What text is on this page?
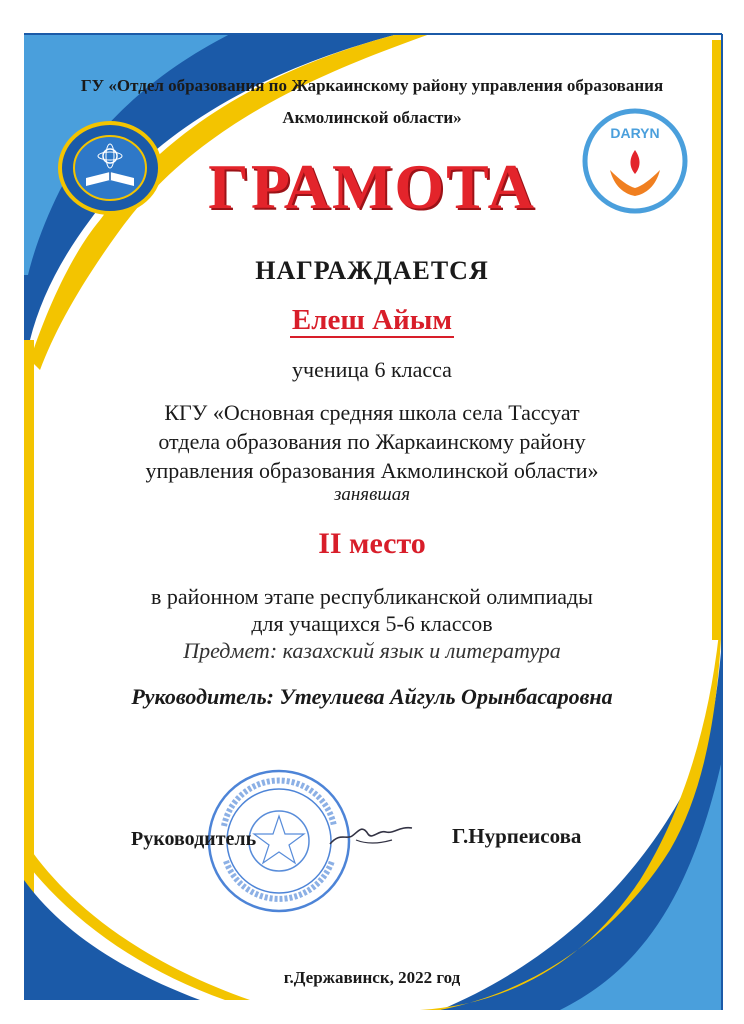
DARYN
ГУ «Отдел образования по Жаркаинскому району управления образования
Акмолинской области»
ГРАМОТА
НАГРАЖДАЕТСЯ
Елеш Айым
ученица 6 класса
КГУ «Основная средняя школа села Тассуат
отдела образования по Жаркаинскому району
управления образования Акмолинской области»
занявшая
II место
в районном этапе республиканской олимпиады
для учащихся 5-6 классов
Предмет: казахский язык и литература
Руководитель: Утеулиева Айгуль Орынбасаровна
Руководитель	Г.Нурпеисова
г.Державинск, 2022 год
